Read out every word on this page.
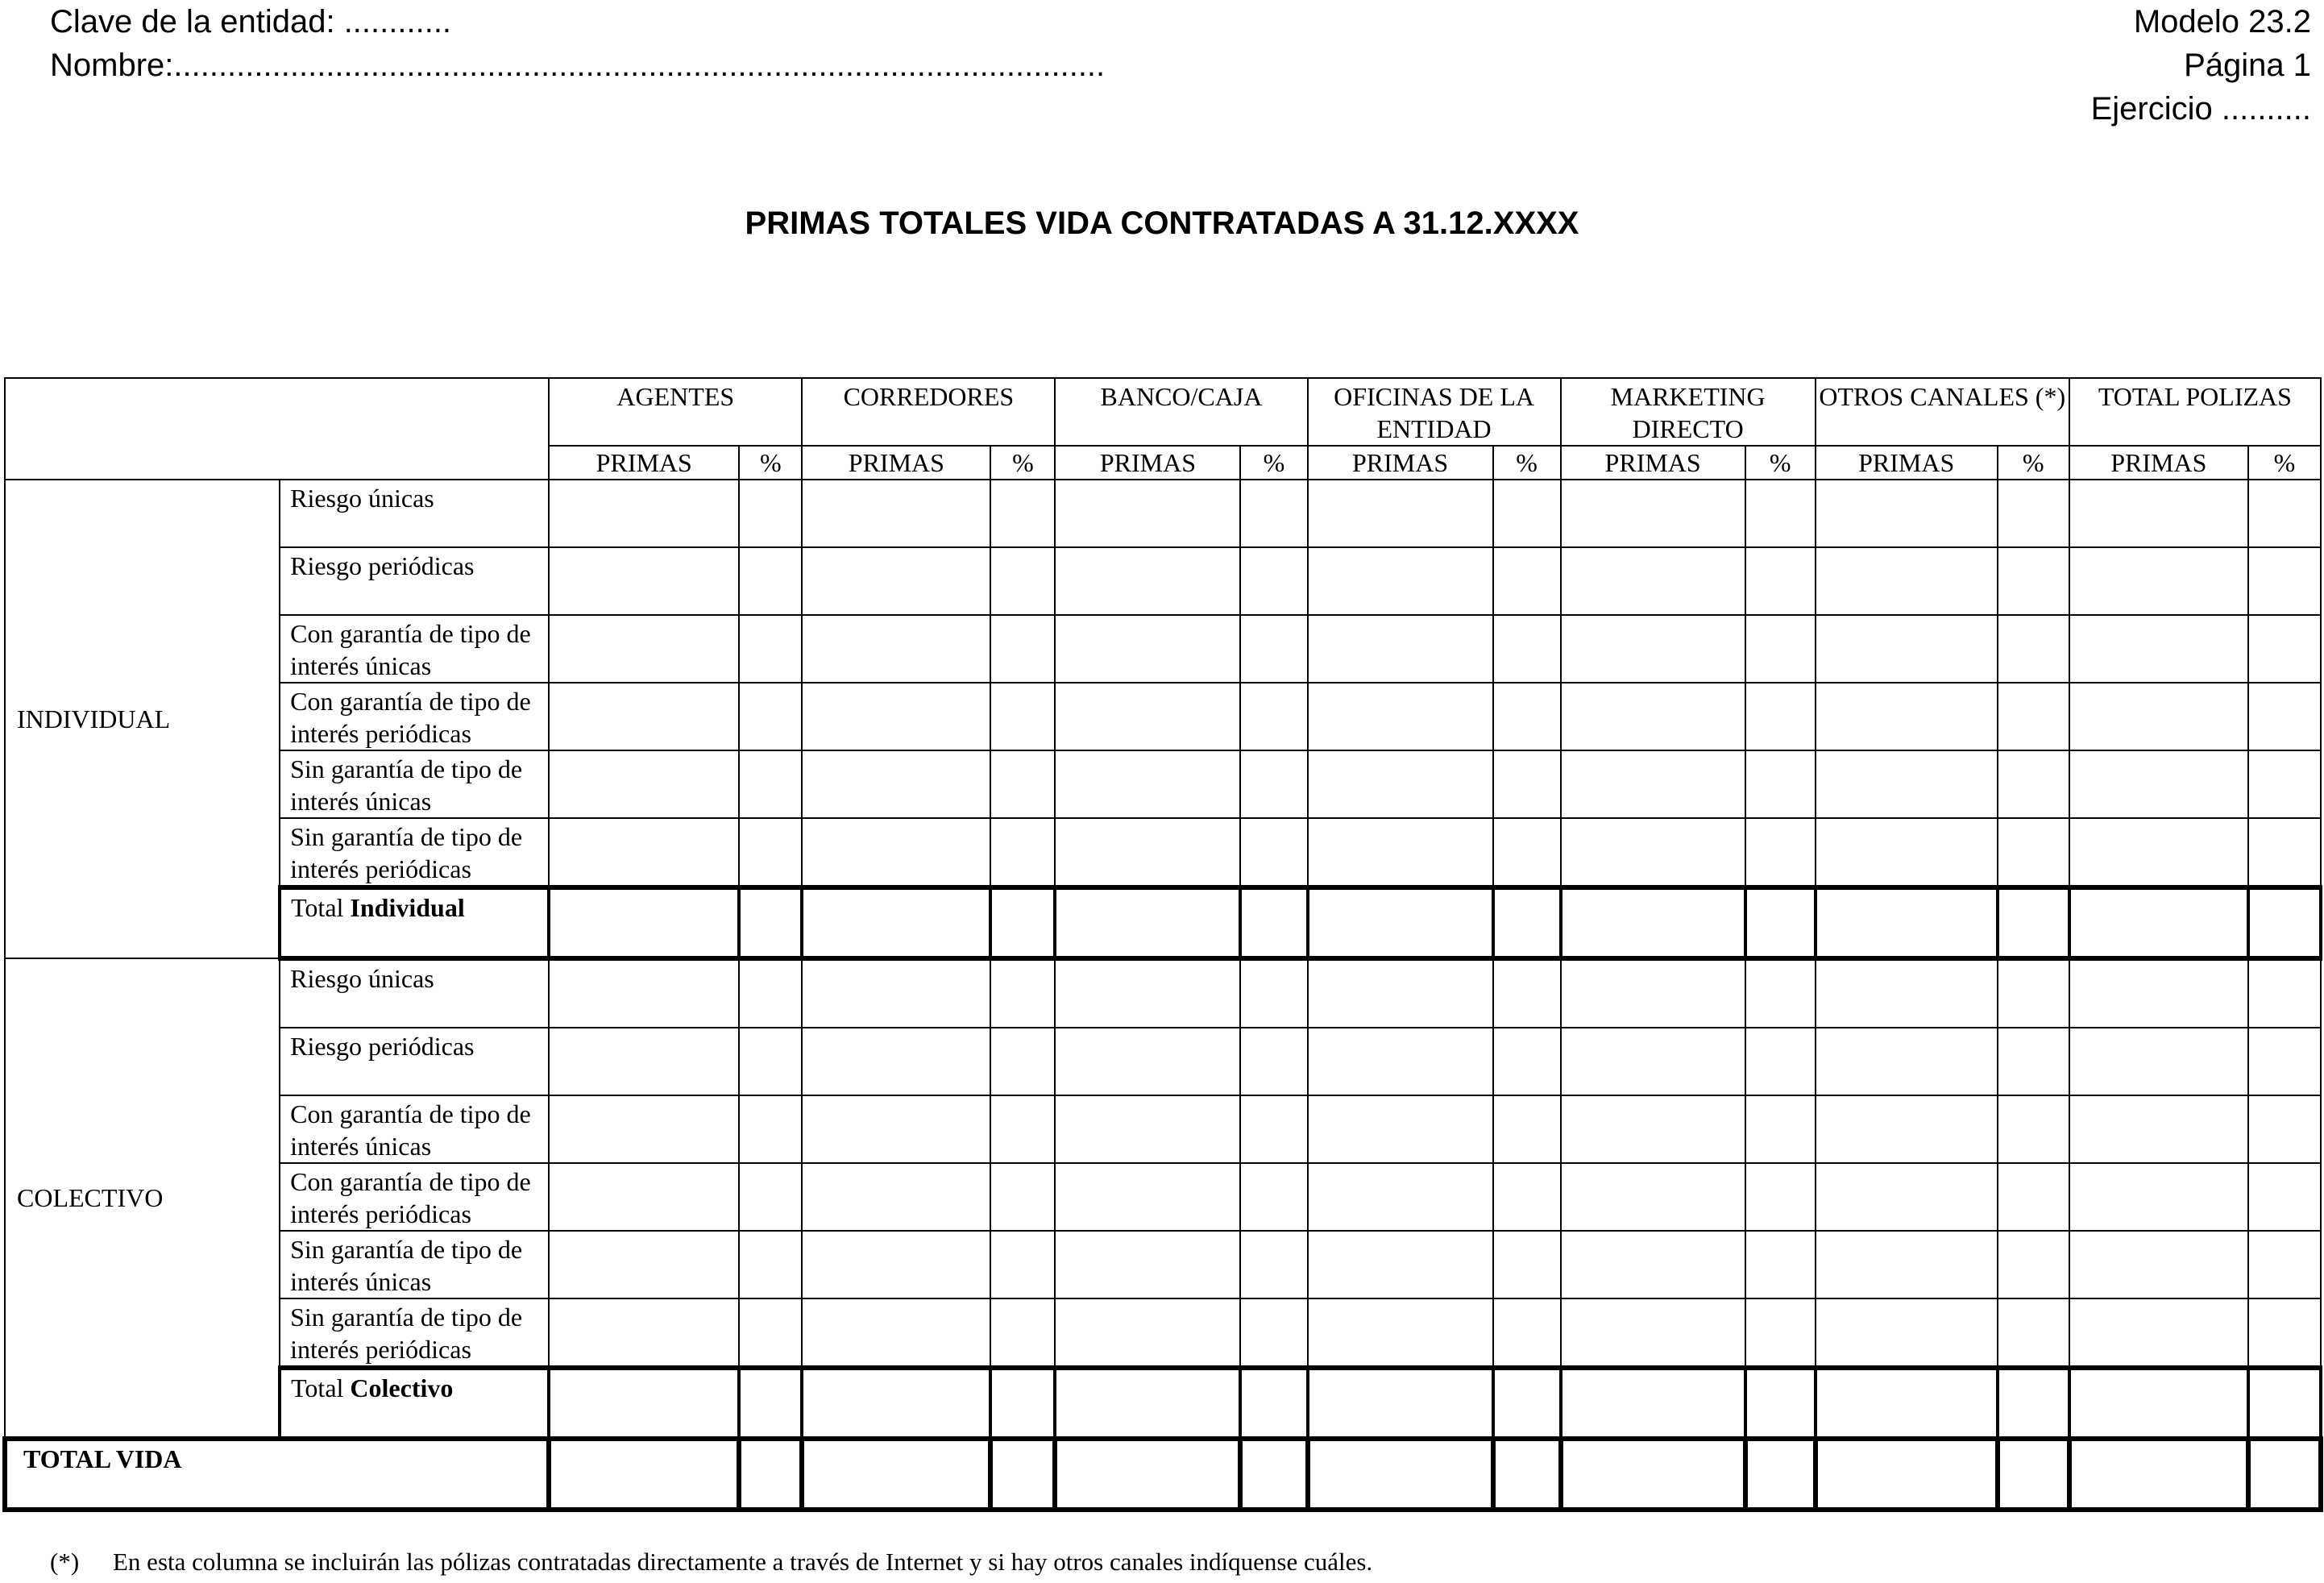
Clave de la entidad: ............
Nombre:........................................................................................................
Modelo 23.2
Página 1
Ejercicio ..........
PRIMAS TOTALES VIDA CONTRATADAS A 31.12.XXXX
		AGENTES		CORREDORES		BANCO/CAJA		OFICINAS DE LA ENTIDAD		MARKETING DIRECTO		OTROS CANALES (*)		TOTAL POLIZAS	
		PRIMAS	%	PRIMAS	%	PRIMAS	%	PRIMAS	%	PRIMAS	%	PRIMAS	%	PRIMAS	%
INDIVIDUAL	Riesgo únicas														
	Riesgo periódicas														
	Con garantía de tipo de interés únicas														
	Con garantía de tipo de interés periódicas														
	Sin garantía de tipo de interés únicas														
	Sin garantía de tipo de interés periódicas														
	Total Individual														
COLECTIVO	Riesgo únicas														
	Riesgo periódicas														
	Con garantía de tipo de interés únicas														
	Con garantía de tipo de interés periódicas														
	Sin garantía de tipo de interés únicas														
	Sin garantía de tipo de interés periódicas														
	Total Colectivo														
TOTAL VIDA															
(*) En esta columna se incluirán las pólizas contratadas directamente a través de Internet y si hay otros canales indíquense cuáles.
